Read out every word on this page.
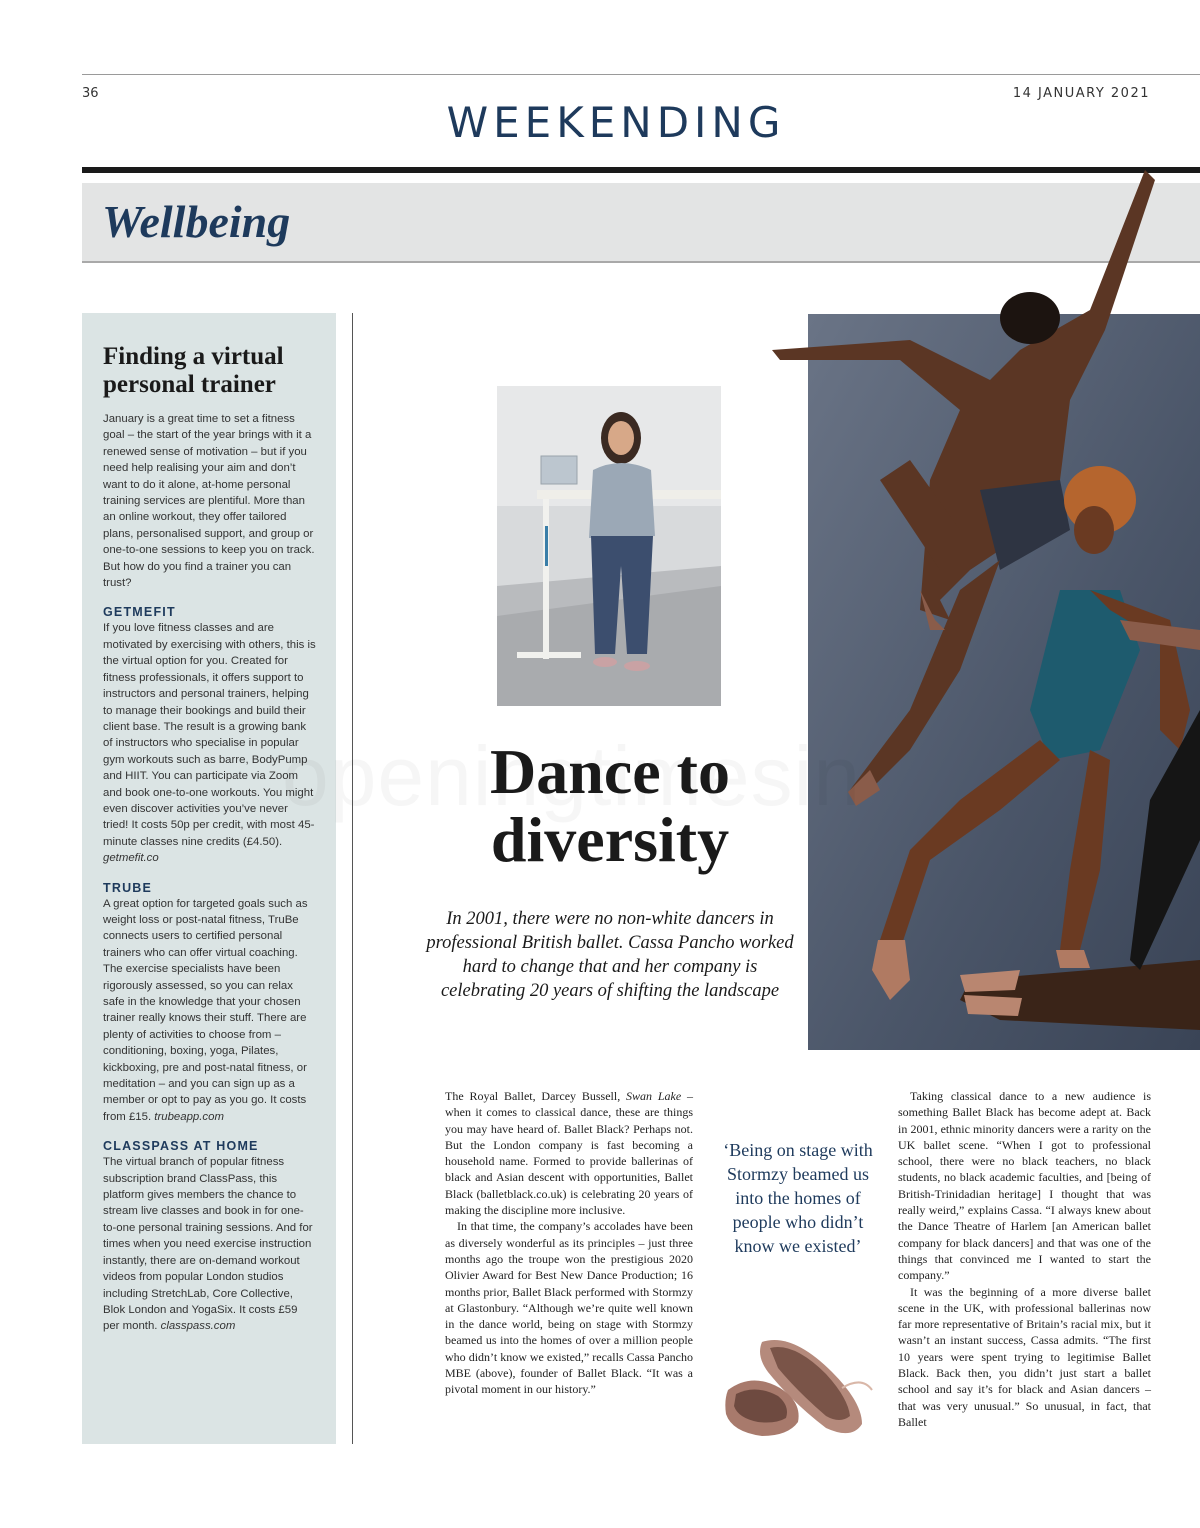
36	14 JANUARY 2021
WEEKENDING
Wellbeing
Finding a virtual personal trainer
January is a great time to set a fitness goal – the start of the year brings with it a renewed sense of motivation – but if you need help realising your aim and don’t want to do it alone, at-home personal training services are plentiful. More than an online workout, they offer tailored plans, personalised support, and group or one-to-one sessions to keep you on track. But how do you find a trainer you can trust?
GETMEFIT
If you love fitness classes and are motivated by exercising with others, this is the virtual option for you. Created for fitness professionals, it offers support to instructors and personal trainers, helping to manage their bookings and build their client base. The result is a growing bank of instructors who specialise in popular gym workouts such as barre, BodyPump and HIIT. You can participate via Zoom and book one-to-one workouts. You might even discover activities you’ve never tried! It costs 50p per credit, with most 45-minute classes nine credits (£4.50). getmefit.co
TRUBE
A great option for targeted goals such as weight loss or post-natal fitness, TruBe connects users to certified personal trainers who can offer virtual coaching. The exercise specialists have been rigorously assessed, so you can relax safe in the knowledge that your chosen trainer really knows their stuff. There are plenty of activities to choose from – conditioning, boxing, yoga, Pilates, kickboxing, pre and post-natal fitness, or meditation – and you can sign up as a member or opt to pay as you go. It costs from £15. trubeapp.com
CLASSPASS AT HOME
The virtual branch of popular fitness subscription brand ClassPass, this platform gives members the chance to stream live classes and book in for one-to-one personal training sessions. And for times when you need exercise instruction instantly, there are on-demand workout videos from popular London studios including StretchLab, Core Collective, Blok London and YogaSix. It costs £59 per month. classpass.com
Dance to diversity
In 2001, there were no non-white dancers in professional British ballet. Cassa Pancho worked hard to change that and her company is celebrating 20 years of shifting the landscape

The Royal Ballet, Darcey Bussell, Swan Lake – when it comes to classical dance, these are things you may have heard of. Ballet Black? Perhaps not. But the London company is fast becoming a household name. Formed to provide ballerinas of black and Asian descent with opportunities, Ballet Black (balletblack.co.uk) is celebrating 20 years of making the discipline more inclusive.

In that time, the company’s accolades have been as diversely wonderful as its principles – just three months ago the troupe won the prestigious 2020 Olivier Award for Best New Dance Production; 16 months prior, Ballet Black performed with Stormzy at Glastonbury. “Although we’re quite well known in the dance world, being on stage with Stormzy beamed us into the homes of over a million people who didn’t know we existed,” recalls Cassa Pancho MBE (above), founder of Ballet Black. “It was a pivotal moment in our history.”

‘Being on stage with Stormzy beamed us into the homes of people who didn’t know we existed’

Taking classical dance to a new audience is something Ballet Black has become adept at. Back in 2001, ethnic minority dancers were a rarity on the UK ballet scene. “When I got to professional school, there were no black teachers, no black students, no black academic faculties, and [being of British-Trinidadian heritage] I thought that was really weird,” explains Cassa. “I always knew about the Dance Theatre of Harlem [an American ballet company for black dancers] and that was one of the things that convinced me I wanted to start the company.”

It was the beginning of a more diverse ballet scene in the UK, with professional ballerinas now far more representative of Britain’s racial mix, but it wasn’t an instant success, Cassa admits. “The first 10 years were spent trying to legitimise Ballet Black. Back then, you didn’t just start a ballet school and say it’s for black and Asian dancers – that was very unusual.” So unusual, in fact, that Ballet
